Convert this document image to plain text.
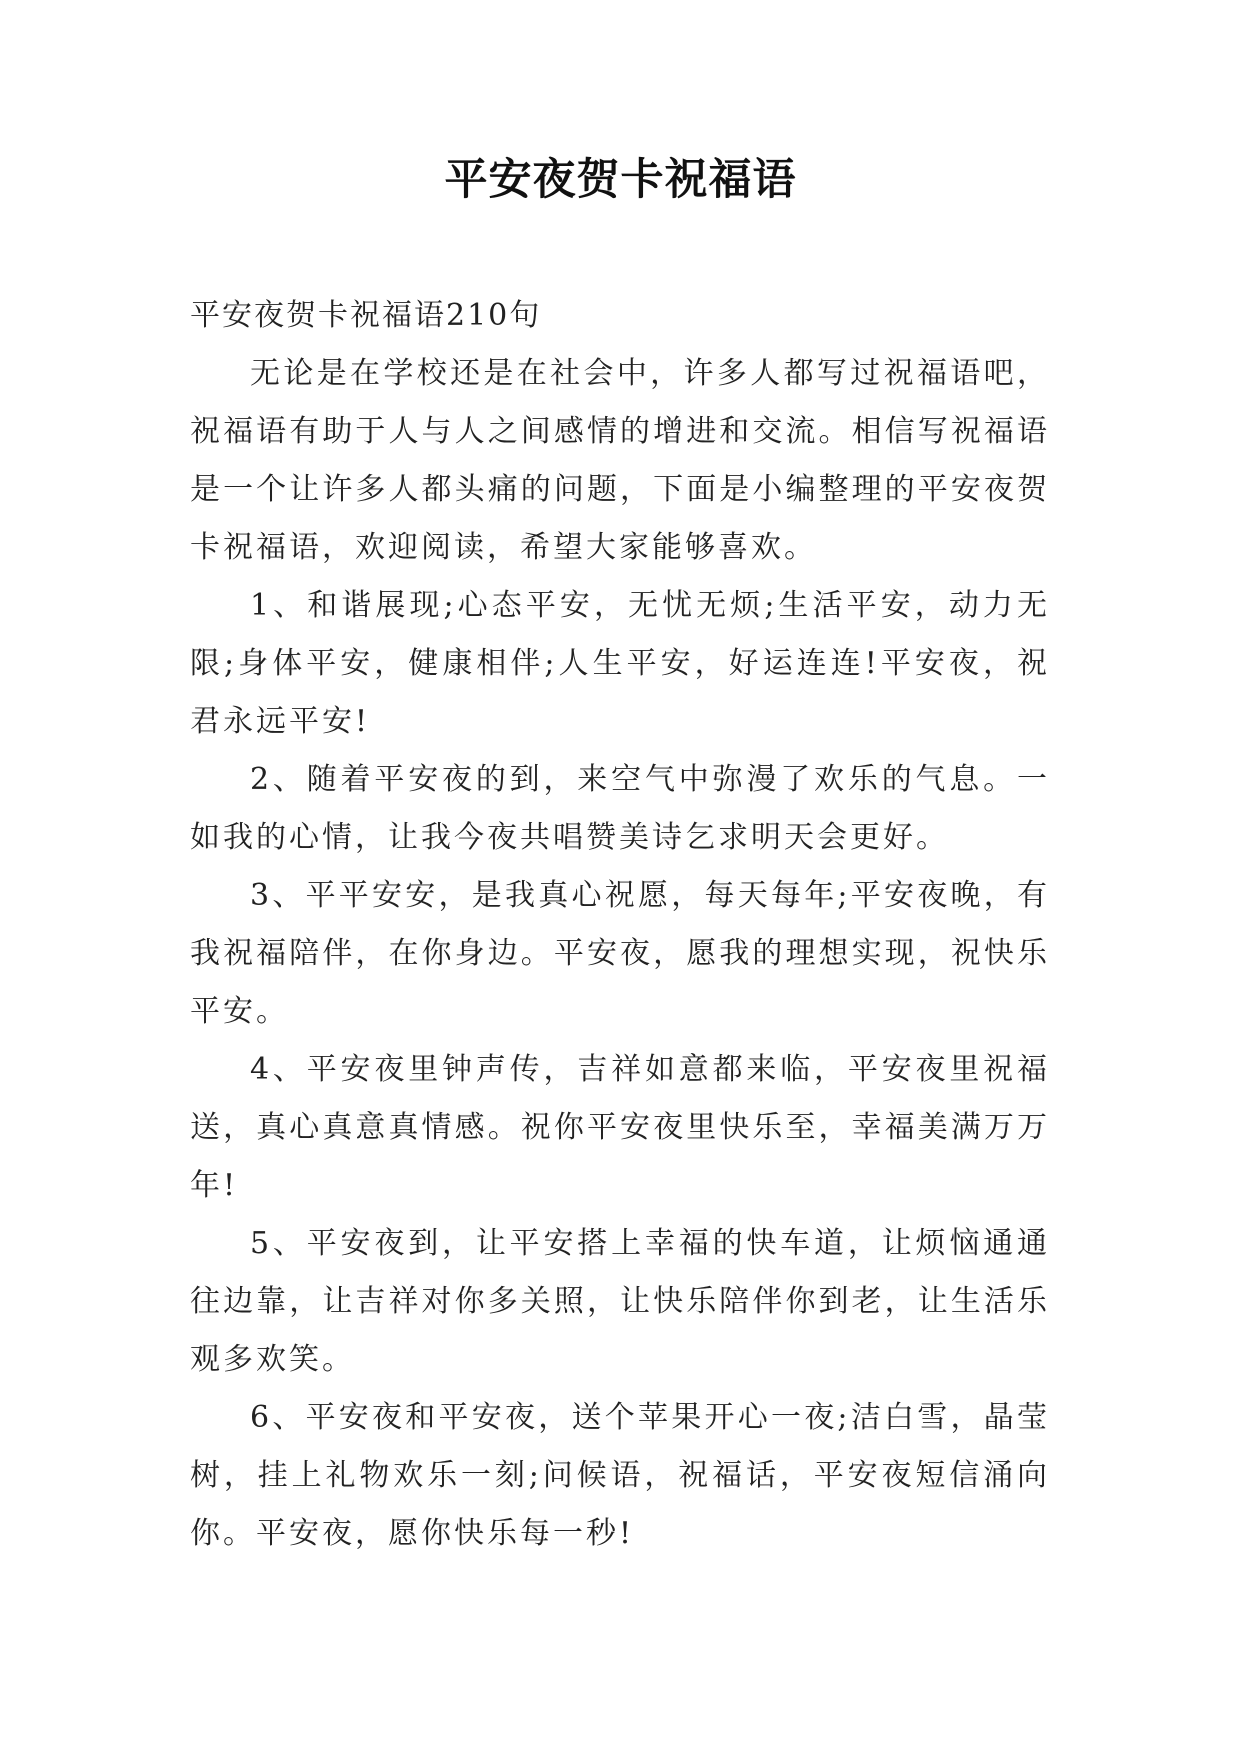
平安夜贺卡祝福语

平安夜贺卡祝福语210句

无论是在学校还是在社会中，许多人都写过祝福语吧，祝福语有助于人与人之间感情的增进和交流。相信写祝福语是一个让许多人都头痛的问题，下面是小编整理的平安夜贺卡祝福语，欢迎阅读，希望大家能够喜欢。

1、和谐展现;心态平安，无忧无烦;生活平安，动力无限;身体平安，健康相伴;人生平安，好运连连!平安夜，祝君永远平安!

2、随着平安夜的到，来空气中弥漫了欢乐的气息。一如我的心情，让我今夜共唱赞美诗乞求明天会更好。

3、平平安安，是我真心祝愿，每天每年;平安夜晚，有我祝福陪伴，在你身边。平安夜，愿我的理想实现，祝快乐平安。

4、平安夜里钟声传，吉祥如意都来临，平安夜里祝福送，真心真意真情感。祝你平安夜里快乐至，幸福美满万万年!

5、平安夜到，让平安搭上幸福的快车道，让烦恼通通往边靠，让吉祥对你多关照，让快乐陪伴你到老，让生活乐观多欢笑。

6、平安夜和平安夜，送个苹果开心一夜;洁白雪，晶莹树，挂上礼物欢乐一刻;问候语，祝福话，平安夜短信涌向你。平安夜，愿你快乐每一秒!
